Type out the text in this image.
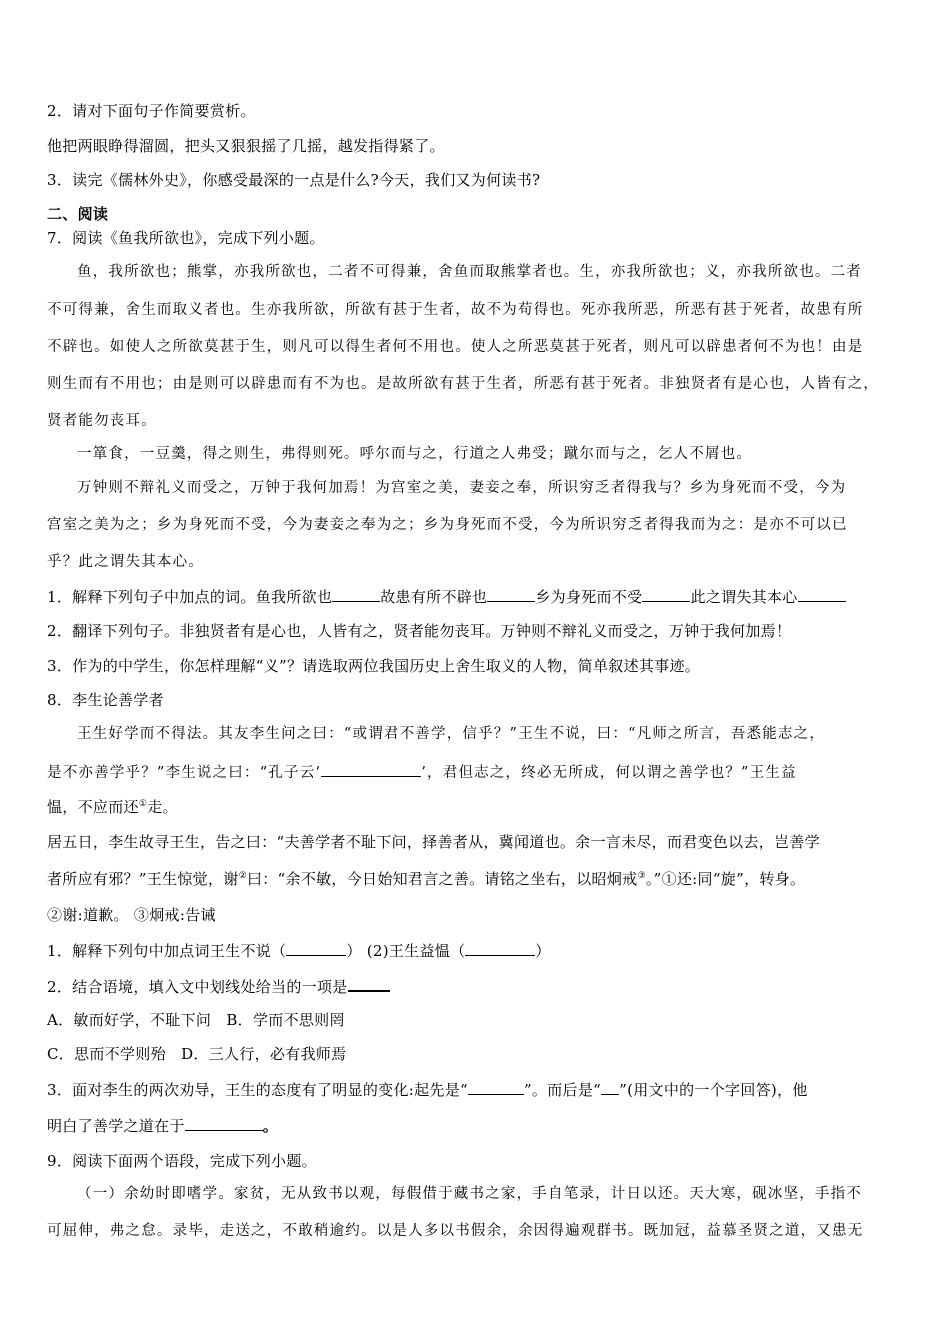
2．请对下面句子作简要赏析。
他把两眼睁得溜圆，把头又狠狠摇了几摇，越发指得紧了。
3．读完《儒林外史》，你感受最深的一点是什么?今天，我们又为何读书?
二、阅读
7．阅读《鱼我所欲也》，完成下列小题。
鱼，我所欲也；熊掌，亦我所欲也，二者不可得兼，舍鱼而取熊掌者也。生，亦我所欲也；义，亦我所欲也。二者
不可得兼，舍生而取义者也。生亦我所欲，所欲有甚于生者，故不为苟得也。死亦我所恶，所恶有甚于死者，故患有所
不辟也。如使人之所欲莫甚于生，则凡可以得生者何不用也。使人之所恶莫甚于死者，则凡可以辟患者何不为也！由是
则生而有不用也；由是则可以辟患而有不为也。是故所欲有甚于生者，所恶有甚于死者。非独贤者有是心也，人皆有之，
贤者能勿丧耳。
一箪食，一豆羹，得之则生，弗得则死。呼尔而与之，行道之人弗受；蹴尔而与之，乞人不屑也。
万钟则不辩礼义而受之，万钟于我何加焉！为宫室之美，妻妾之奉，所识穷乏者得我与？乡为身死而不受，今为
宫室之美为之；乡为身死而不受，今为妻妾之奉为之；乡为身死而不受，今为所识穷乏者得我而为之：是亦不可以已
乎？此之谓失其本心。
1．解释下列句子中加点的词。鱼我所欲也	故患有所不辟也	乡为身死而不受	此之谓失其本心
2．翻译下列句子。非独贤者有是心也，人皆有之，贤者能勿丧耳。万钟则不辩礼义而受之，万钟于我何加焉！
3．作为的中学生，你怎样理解“义”？请选取两位我国历史上舍生取义的人物，简单叙述其事迹。
8．李生论善学者
王生好学而不得法。其友李生问之曰：“或谓君不善学，信乎？”王生不说，曰：“凡师之所言，吾悉能志之，
是不亦善学乎？”李生说之曰：“孔子云‘	’，君但志之，终必无所成，何以谓之善学也？”王生益
愠，不应而还①走。
居五日，李生故寻王生，告之曰：“夫善学者不耻下问，择善者从，冀闻道也。余一言未尽，而君变色以去，岂善学
者所应有邪？”王生惊觉，谢②曰：“余不敏，今日始知君言之善。请铭之坐右，以昭炯戒③。”①还:同“旋”，转身。
②谢:道歉。 ③炯戒:告诫
1．解释下列句中加点词王生不说（	） (2)王生益愠（	）
2．结合语境，填入文中划线处给当的一项是
A．敏而好学，不耻下问 B．学而不思则罔
C．思而不学则殆 D．三人行，必有我师焉
3．面对李生的两次劝导，王生的态度有了明显的变化:起先是“	”。而后是“ ”(用文中的一个字回答)，他
明白了善学之道在于	。
9．阅读下面两个语段，完成下列小题。
（一）余幼时即嗜学。家贫，无从致书以观，每假借于藏书之家，手自笔录，计日以还。天大寒，砚冰坚，手指不
可屈伸，弗之怠。录毕，走送之，不敢稍逾约。以是人多以书假余，余因得遍观群书。既加冠，益慕圣贤之道，又患无
